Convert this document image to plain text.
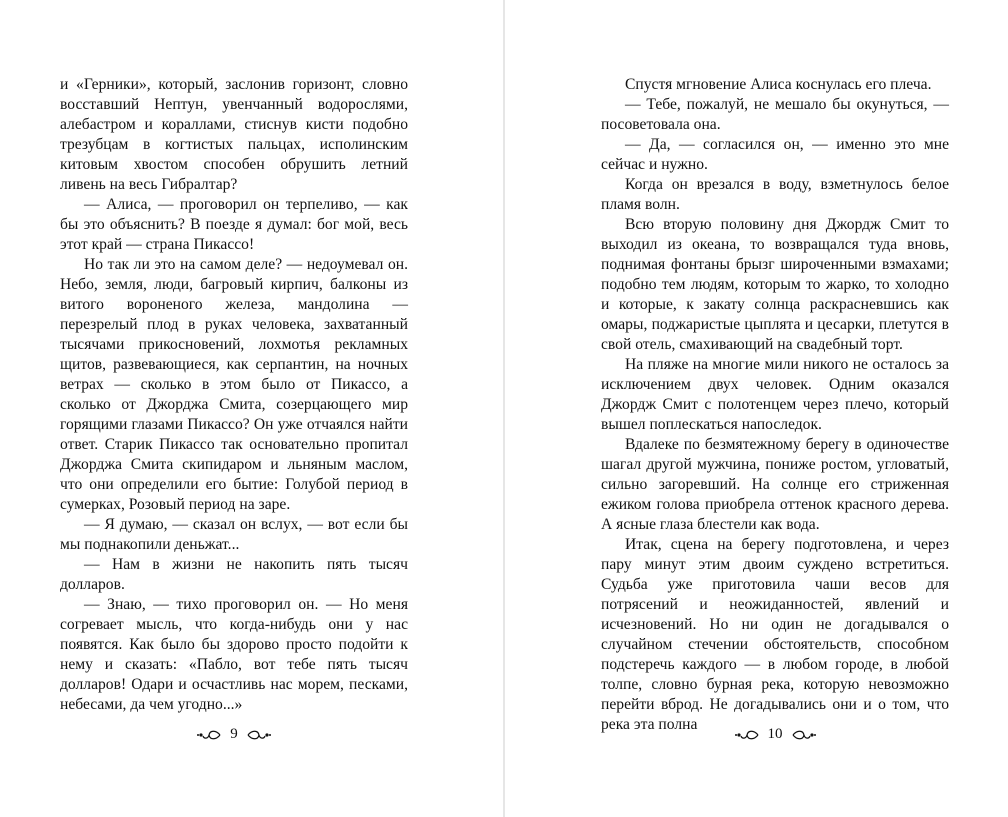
и «Герники», который, заслонив горизонт, словно восставший Нептун, увенчанный водорослями, алебастром и кораллами, стиснув кисти подобно трезубцам в когтистых пальцах, исполинским китовым хвостом способен обрушить летний ливень на весь Гибралтар?

— Алиса, — проговорил он терпеливо, — как бы это объяснить? В поезде я думал: бог мой, весь этот край — страна Пикассо!

Но так ли это на самом деле? — недоумевал он. Небо, земля, люди, багровый кирпич, балконы из витого вороненого железа, мандолина — перезрелый плод в руках человека, захватанный тысячами прикосновений, лохмотья рекламных щитов, развевающиеся, как серпантин, на ночных ветрах — сколько в этом было от Пикассо, а сколько от Джорджа Смита, созерцающего мир горящими глазами Пикассо? Он уже отчаялся найти ответ. Старик Пикассо так основательно пропитал Джорджа Смита скипидаром и льняным маслом, что они определили его бытие: Голубой период в сумерках, Розовый период на заре.

— Я думаю, — сказал он вслух, — вот если бы мы поднакопили деньжат...

— Нам в жизни не накопить пять тысяч долларов.

— Знаю, — тихо проговорил он. — Но меня согревает мысль, что когда-нибудь они у нас появятся. Как было бы здорово просто подойти к нему и сказать: «Пабло, вот тебе пять тысяч долларов! Одари и осчастливь нас морем, песками, небесами, да чем угодно...»

9

Спустя мгновение Алиса коснулась его плеча.

— Тебе, пожалуй, не мешало бы окунуться, — посоветовала она.

— Да, — согласился он, — именно это мне сейчас и нужно.

Когда он врезался в воду, взметнулось белое пламя волн.

Всю вторую половину дня Джордж Смит то выходил из океана, то возвращался туда вновь, поднимая фонтаны брызг широченными взмахами; подобно тем людям, которым то жарко, то холодно и которые, к закату солнца раскрасневшись как омары, поджаристые цыплята и цесарки, плетутся в свой отель, смахивающий на свадебный торт.

На пляже на многие мили никого не осталось за исключением двух человек. Одним оказался Джордж Смит с полотенцем через плечо, который вышел поплескаться напоследок.

Вдалеке по безмятежному берегу в одиночестве шагал другой мужчина, пониже ростом, угловатый, сильно загоревший. На солнце его стриженная ежиком голова приобрела оттенок красного дерева. А ясные глаза блестели как вода.

Итак, сцена на берегу подготовлена, и через пару минут этим двоим суждено встретиться. Судьба уже приготовила чаши весов для потрясений и неожиданностей, явлений и исчезновений. Но ни один не догадывался о случайном стечении обстоятельств, способном подстеречь каждого — в любом городе, в любой толпе, словно бурная река, которую невозможно перейти вброд. Не догадывались они и о том, что река эта полна

10
